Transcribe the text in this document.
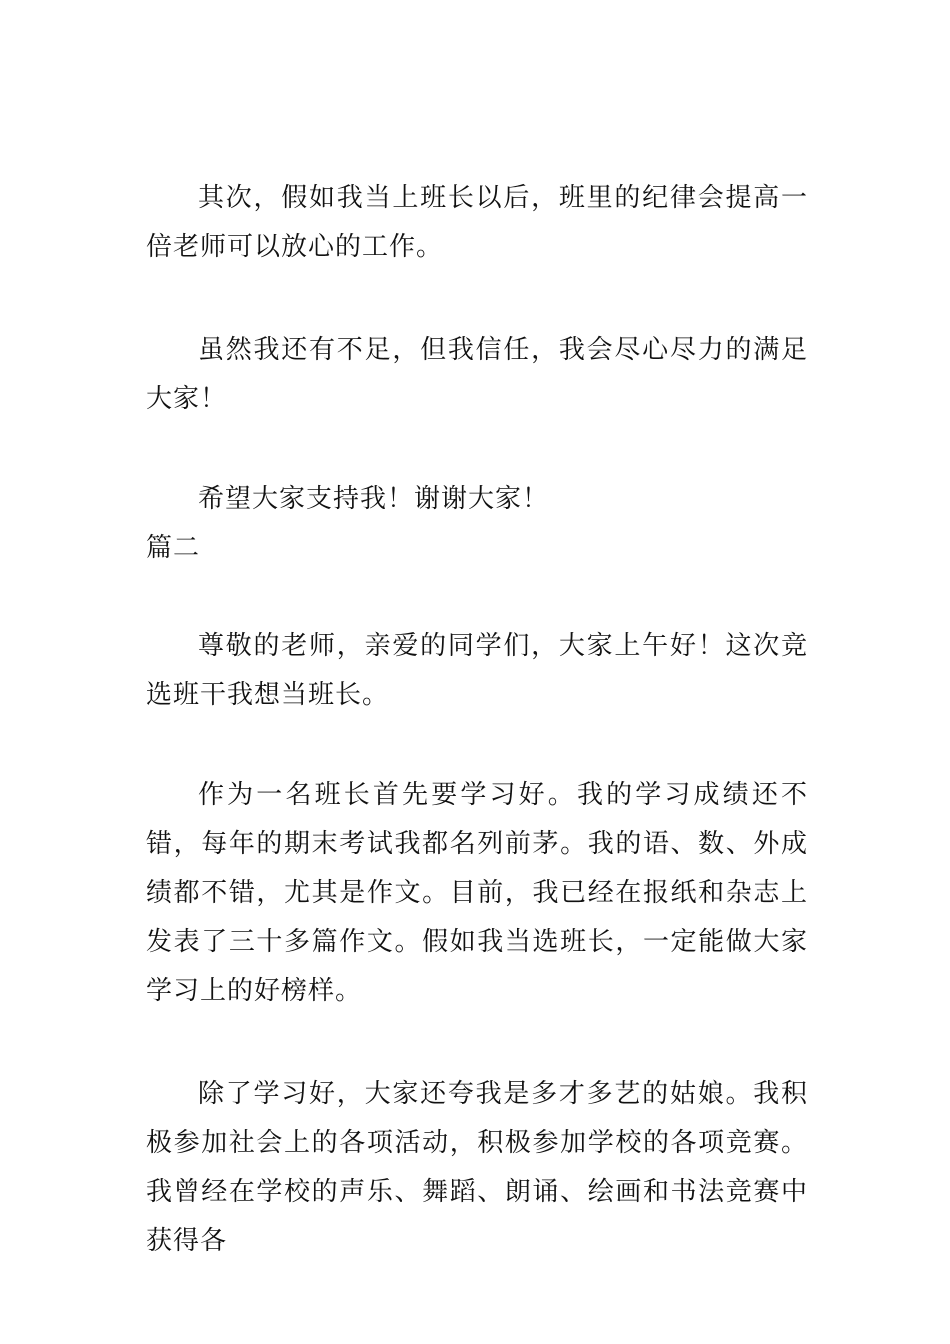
其次，假如我当上班长以后，班里的纪律会提高一倍老师可以放心的工作。

虽然我还有不足，但我信任，我会尽心尽力的满足大家！

希望大家支持我！谢谢大家！

篇二

尊敬的老师，亲爱的同学们，大家上午好！这次竞选班干我想当班长。

作为一名班长首先要学习好。我的学习成绩还不错，每年的期末考试我都名列前茅。我的语、数、外成绩都不错，尤其是作文。目前，我已经在报纸和杂志上发表了三十多篇作文。假如我当选班长，一定能做大家学习上的好榜样。

除了学习好，大家还夸我是多才多艺的姑娘。我积极参加社会上的各项活动，积极参加学校的各项竞赛。我曾经在学校的声乐、舞蹈、朗诵、绘画和书法竞赛中获得各
